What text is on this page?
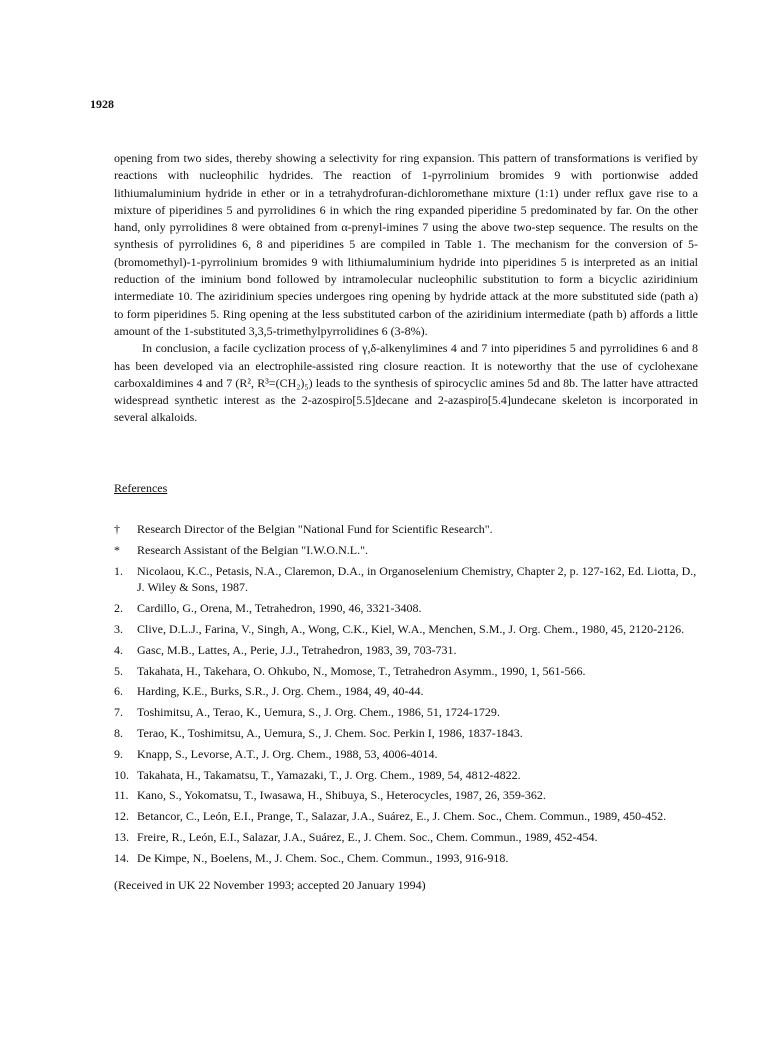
1928

opening from two sides, thereby showing a selectivity for ring expansion. This pattern of transformations is verified by reactions with nucleophilic hydrides. The reaction of 1-pyrrolinium bromides 9 with portionwise added lithiumaluminium hydride in ether or in a tetrahydrofuran-dichloromethane mixture (1:1) under reflux gave rise to a mixture of piperidines 5 and pyrrolidines 6 in which the ring expanded piperidine 5 predominated by far. On the other hand, only pyrrolidines 8 were obtained from α-prenyl-imines 7 using the above two-step sequence. The results on the synthesis of pyrrolidines 6, 8 and piperidines 5 are compiled in Table 1. The mechanism for the conversion of 5-(bromomethyl)-1-pyrrolinium bromides 9 with lithiumaluminium hydride into piperidines 5 is interpreted as an initial reduction of the iminium bond followed by intramolecular nucleophilic substitution to form a bicyclic aziridinium intermediate 10. The aziridinium species undergoes ring opening by hydride attack at the more substituted side (path a) to form piperidines 5. Ring opening at the less substituted carbon of the aziridinium intermediate (path b) affords a little amount of the 1-substituted 3,3,5-trimethylpyrrolidines 6 (3-8%).

In conclusion, a facile cyclization process of γ,δ-alkenylimines 4 and 7 into piperidines 5 and pyrrolidines 6 and 8 has been developed via an electrophile-assisted ring closure reaction. It is noteworthy that the use of cyclohexane carboxaldimines 4 and 7 (R², R³=(CH₂)₅) leads to the synthesis of spirocyclic amines 5d and 8b. The latter have attracted widespread synthetic interest as the 2-azospiro[5.5]decane and 2-azaspiro[5.4]undecane skeleton is incorporated in several alkaloids.

References
†	Research Director of the Belgian "National Fund for Scientific Research".
*	Research Assistant of the Belgian "I.W.O.N.L.".
1.	Nicolaou, K.C., Petasis, N.A., Claremon, D.A., in Organoselenium Chemistry, Chapter 2, p. 127-162, Ed. Liotta, D., J. Wiley & Sons, 1987.
2.	Cardillo, G., Orena, M., Tetrahedron, 1990, 46, 3321-3408.
3.	Clive, D.L.J., Farina, V., Singh, A., Wong, C.K., Kiel, W.A., Menchen, S.M., J. Org. Chem., 1980, 45, 2120-2126.
4.	Gasc, M.B., Lattes, A., Perie, J.J., Tetrahedron, 1983, 39, 703-731.
5.	Takahata, H., Takehara, O. Ohkubo, N., Momose, T., Tetrahedron Asymm., 1990, 1, 561-566.
6.	Harding, K.E., Burks, S.R., J. Org. Chem., 1984, 49, 40-44.
7.	Toshimitsu, A., Terao, K., Uemura, S., J. Org. Chem., 1986, 51, 1724-1729.
8.	Terao, K., Toshimitsu, A., Uemura, S., J. Chem. Soc. Perkin I, 1986, 1837-1843.
9.	Knapp, S., Levorse, A.T., J. Org. Chem., 1988, 53, 4006-4014.
10. Takahata, H., Takamatsu, T., Yamazaki, T., J. Org. Chem., 1989, 54, 4812-4822.
11. Kano, S., Yokomatsu, T., Iwasawa, H., Shibuya, S., Heterocycles, 1987, 26, 359-362.
12. Betancor, C., León, E.I., Prange, T., Salazar, J.A., Suárez, E., J. Chem. Soc., Chem. Commun., 1989, 450-452.
13. Freire, R., León, E.I., Salazar, J.A., Suárez, E., J. Chem. Soc., Chem. Commun., 1989, 452-454.
14. De Kimpe, N., Boelens, M., J. Chem. Soc., Chem. Commun., 1993, 916-918.
(Received in UK 22 November 1993; accepted 20 January 1994)
